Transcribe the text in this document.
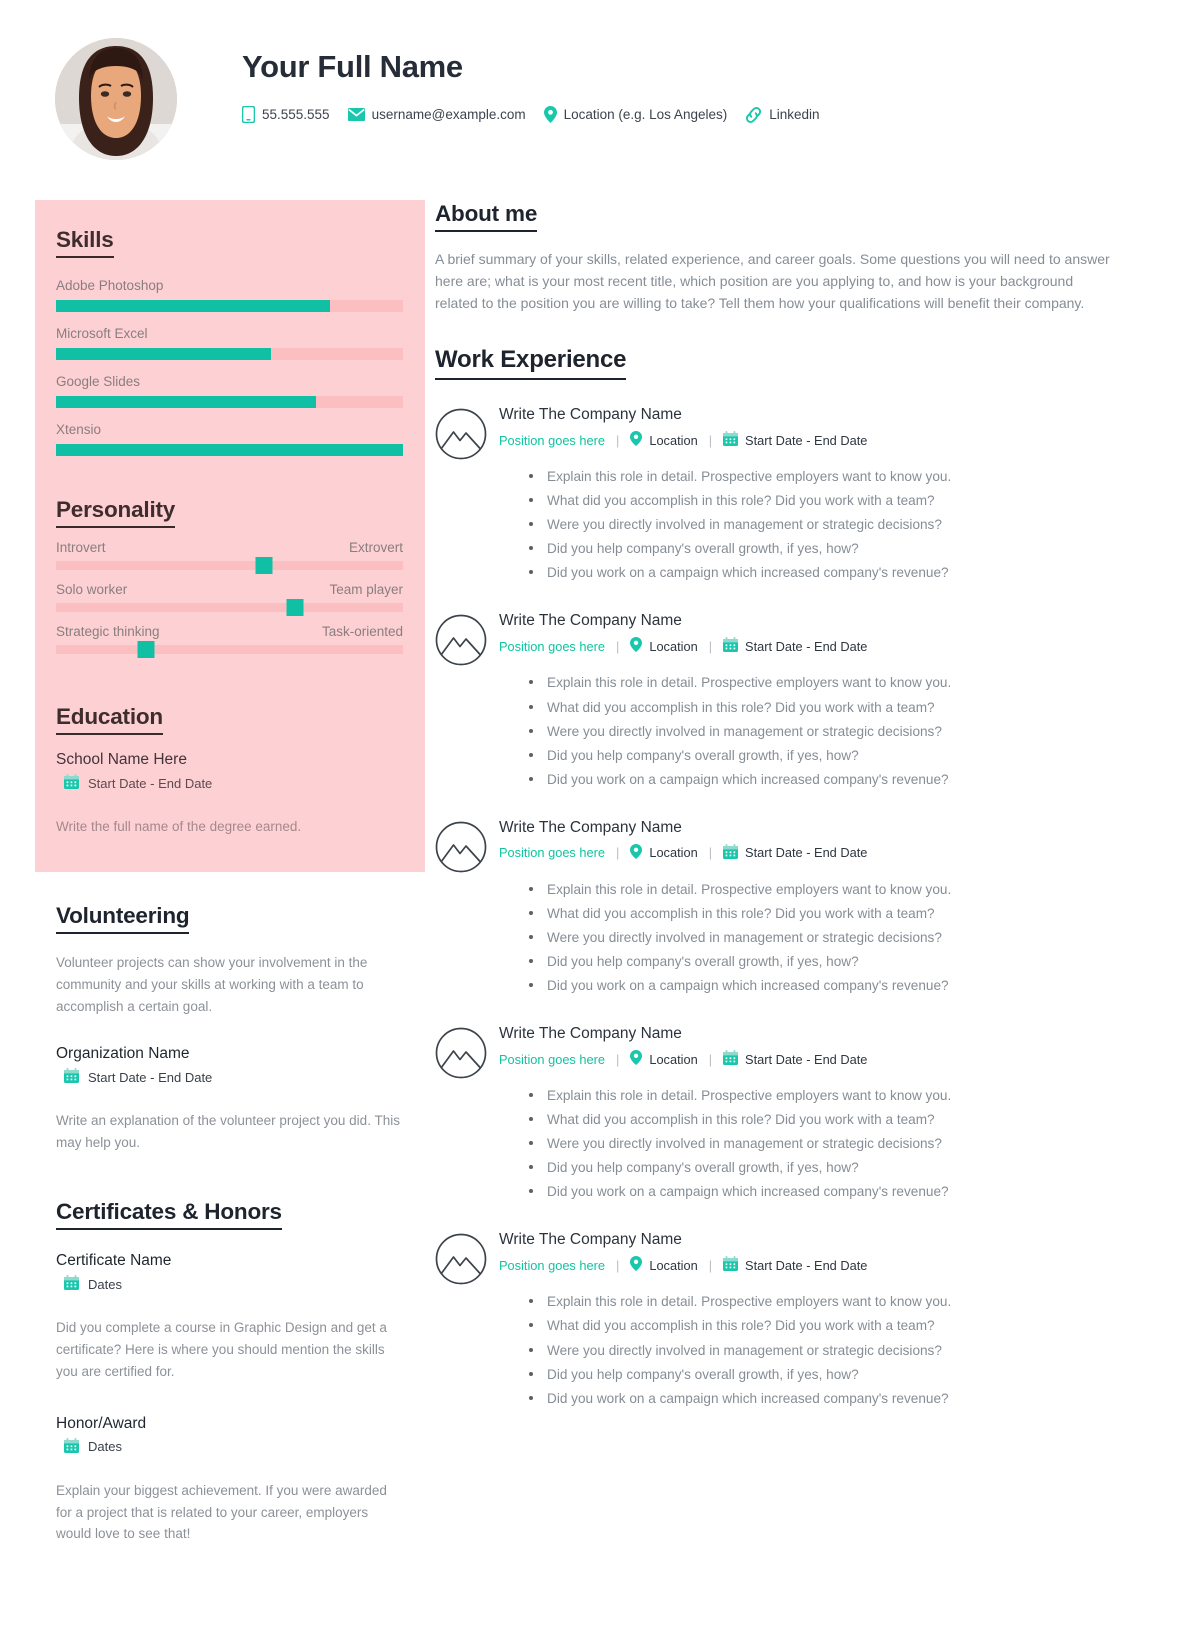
Your Full Name
55.555.555	username@example.com	Location (e.g. Los Angeles)	Linkedin
Skills
Adobe Photoshop
Microsoft Excel
Google Slides
Xtensio
Personality
Introvert	Extrovert
Solo worker	Team player
Strategic thinking	Task-oriented
Education
School Name Here
Start Date - End Date

Write the full name of the degree earned.

Volunteering

Volunteer projects can show your involvement in the community and your skills at working with a team to accomplish a certain goal.

Organization Name
Start Date - End Date

Write an explanation of the volunteer project you did. This may help you.

Certificates & Honors
Certificate Name
Dates

Did you complete a course in Graphic Design and get a certificate? Here is where you should mention the skills you are certified for.

Honor/Award
Dates

Explain your biggest achievement. If you were awarded for a project that is related to your career, employers would love to see that!

About me

A brief summary of your skills, related experience, and career goals. Some questions you will need to answer here are; what is your most recent title, which position are you applying to, and how is your background related to the position you are willing to take? Tell them how your qualifications will benefit their company.

Work Experience
Write The Company Name
Position goes here | Location |	Start Date - End Date
Explain this role in detail. Prospective employers want to know you.
What did you accomplish in this role? Did you work with a team?
Were you directly involved in management or strategic decisions?
Did you help company's overall growth, if yes, how?
Did you work on a campaign which increased company's revenue?
Write The Company Name
Position goes here | Location |	Start Date - End Date
Explain this role in detail. Prospective employers want to know you.
What did you accomplish in this role? Did you work with a team?
Were you directly involved in management or strategic decisions?
Did you help company's overall growth, if yes, how?
Did you work on a campaign which increased company's revenue?
Write The Company Name
Position goes here | Location |	Start Date - End Date
Explain this role in detail. Prospective employers want to know you.
What did you accomplish in this role? Did you work with a team?
Were you directly involved in management or strategic decisions?
Did you help company's overall growth, if yes, how?
Did you work on a campaign which increased company's revenue?
Write The Company Name
Position goes here | Location |	Start Date - End Date
Explain this role in detail. Prospective employers want to know you.
What did you accomplish in this role? Did you work with a team?
Were you directly involved in management or strategic decisions?
Did you help company's overall growth, if yes, how?
Did you work on a campaign which increased company's revenue?
Write The Company Name
Position goes here | Location |	Start Date - End Date
Explain this role in detail. Prospective employers want to know you.
What did you accomplish in this role? Did you work with a team?
Were you directly involved in management or strategic decisions?
Did you help company's overall growth, if yes, how?
Did you work on a campaign which increased company's revenue?
